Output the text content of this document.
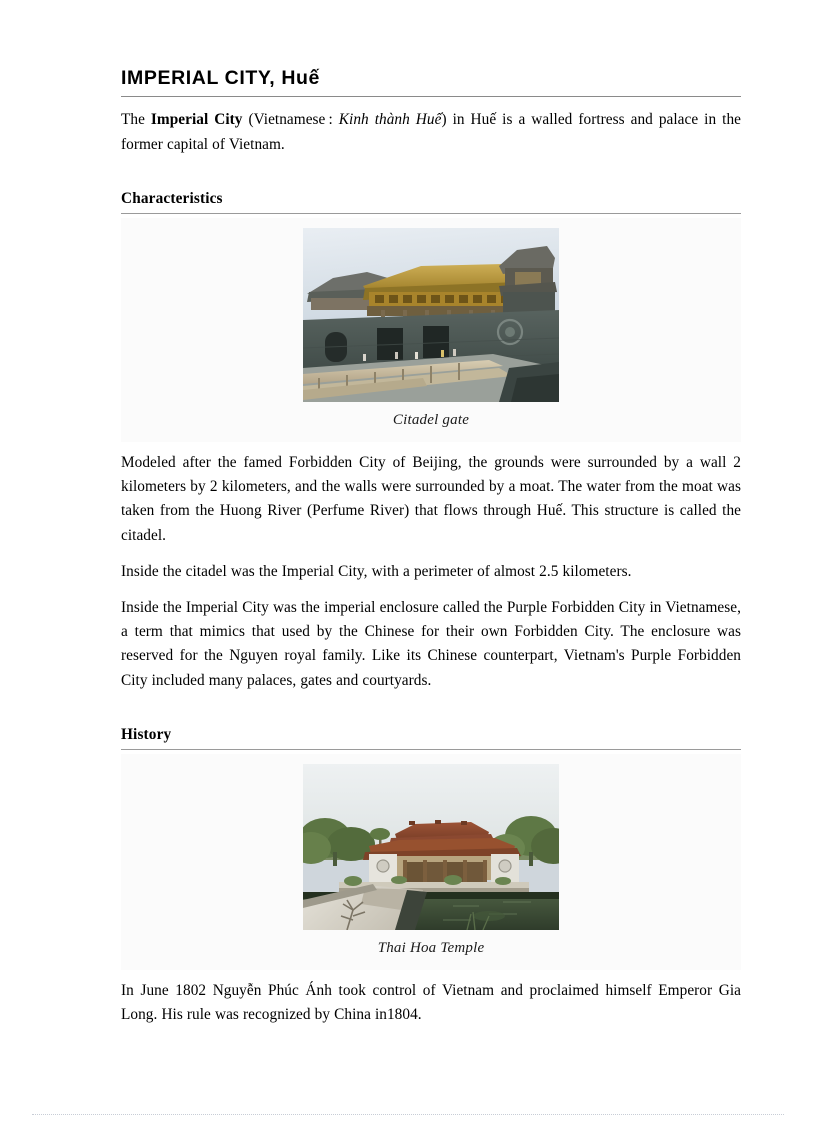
IMPERIAL CITY, Huế

The Imperial City (Vietnamese : Kinh thành Huế) in Huế is a walled fortress and palace in the former capital of Vietnam.

Characteristics
Citadel gate

Modeled after the famed Forbidden City of Beijing, the grounds were surrounded by a wall 2 kilometers by 2 kilometers, and the walls were surrounded by a moat. The water from the moat was taken from the Huong River (Perfume River) that flows through Huế. This structure is called the citadel.

Inside the citadel was the Imperial City, with a perimeter of almost 2.5 kilometers.

Inside the Imperial City was the imperial enclosure called the Purple Forbidden City in Vietnamese, a term that mimics that used by the Chinese for their own Forbidden City. The enclosure was reserved for the Nguyen royal family. Like its Chinese counterpart, Vietnam's Purple Forbidden City included many palaces, gates and courtyards.

History
Thai Hoa Temple

In June 1802 Nguyễn Phúc Ánh took control of Vietnam and proclaimed himself Emperor Gia Long. His rule was recognized by China in1804.
